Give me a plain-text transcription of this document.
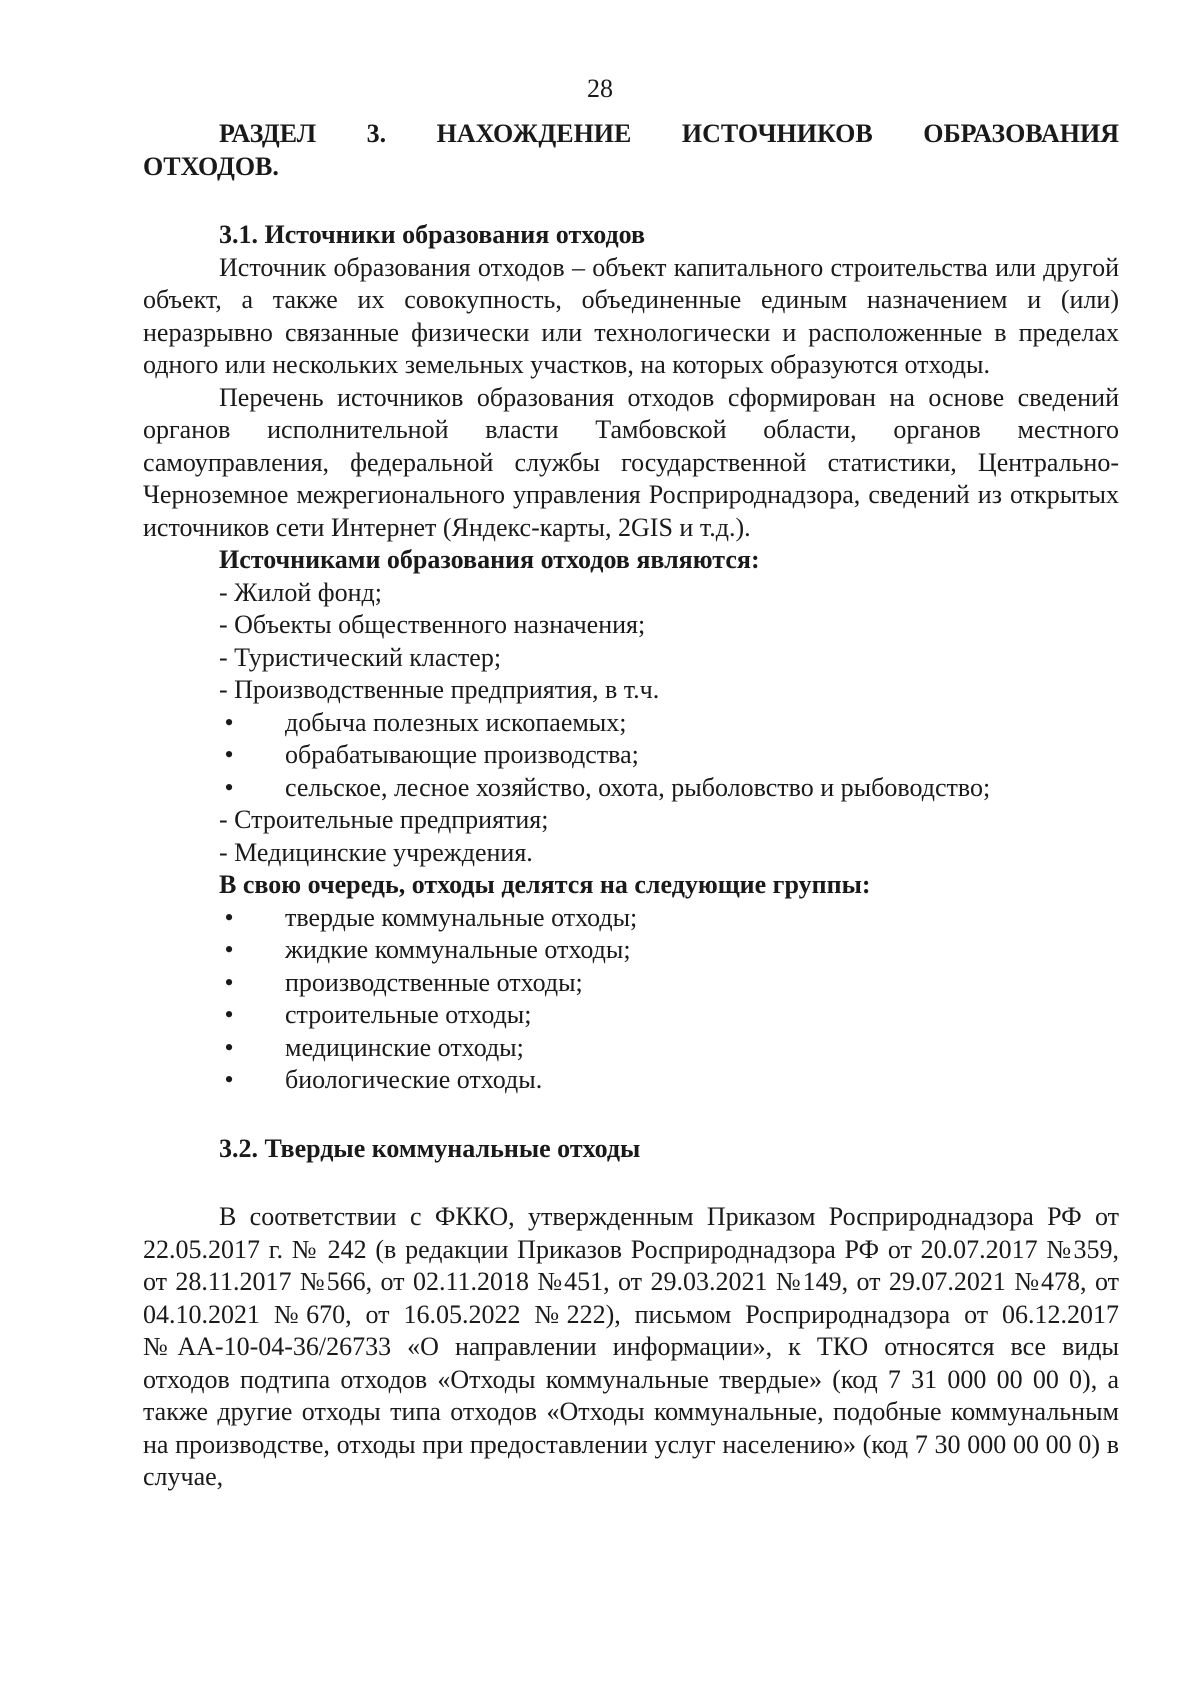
28

РАЗДЕЛ 3. НАХОЖДЕНИЕ ИСТОЧНИКОВ ОБРАЗОВАНИЯ ОТХОДОВ.

3.1. Источники образования отходов

Источник образования отходов – объект капитального строительства или другой объект, а также их совокупность, объединенные единым назначением и (или) неразрывно связанные физически или технологически и расположенные в пределах одного или нескольких земельных участков, на которых образуются отходы.

Перечень источников образования отходов сформирован на основе сведений органов исполнительной власти Тамбовской области, органов местного самоуправления, федеральной службы государственной статистики, Центрально-Черноземное межрегионального управления Росприроднадзора, сведений из открытых источников сети Интернет (Яндекс-карты, 2GIS и т.д.).

Источниками образования отходов являются:

- Жилой фонд;

- Объекты общественного назначения;

- Туристический кластер;

- Производственные предприятия, в т.ч.

• добыча полезных ископаемых;

• обрабатывающие производства;

• сельское, лесное хозяйство, охота, рыболовство и рыбоводство;

- Строительные предприятия;

- Медицинские учреждения.

В свою очередь, отходы делятся на следующие группы:

• твердые коммунальные отходы;

• жидкие коммунальные отходы;

• производственные отходы;

• строительные отходы;

• медицинские отходы;

• биологические отходы.

3.2. Твердые коммунальные отходы

В соответствии с ФККО, утвержденным Приказом Росприроднадзора РФ от 22.05.2017 г. № 242 (в редакции Приказов Росприроднадзора РФ от 20.07.2017 №359, от 28.11.2017 №566, от 02.11.2018 №451, от 29.03.2021 №149, от 29.07.2021 №478, от 04.10.2021 №670, от 16.05.2022 №222), письмом Росприроднадзора от 06.12.2017 №АА-10-04-36/26733 «О направлении информации», к ТКО относятся все виды отходов подтипа отходов «Отходы коммунальные твердые» (код 7 31 000 00 00 0), а также другие отходы типа отходов «Отходы коммунальные, подобные коммунальным на производстве, отходы при предоставлении услуг населению» (код 7 30 000 00 00 0) в случае,
